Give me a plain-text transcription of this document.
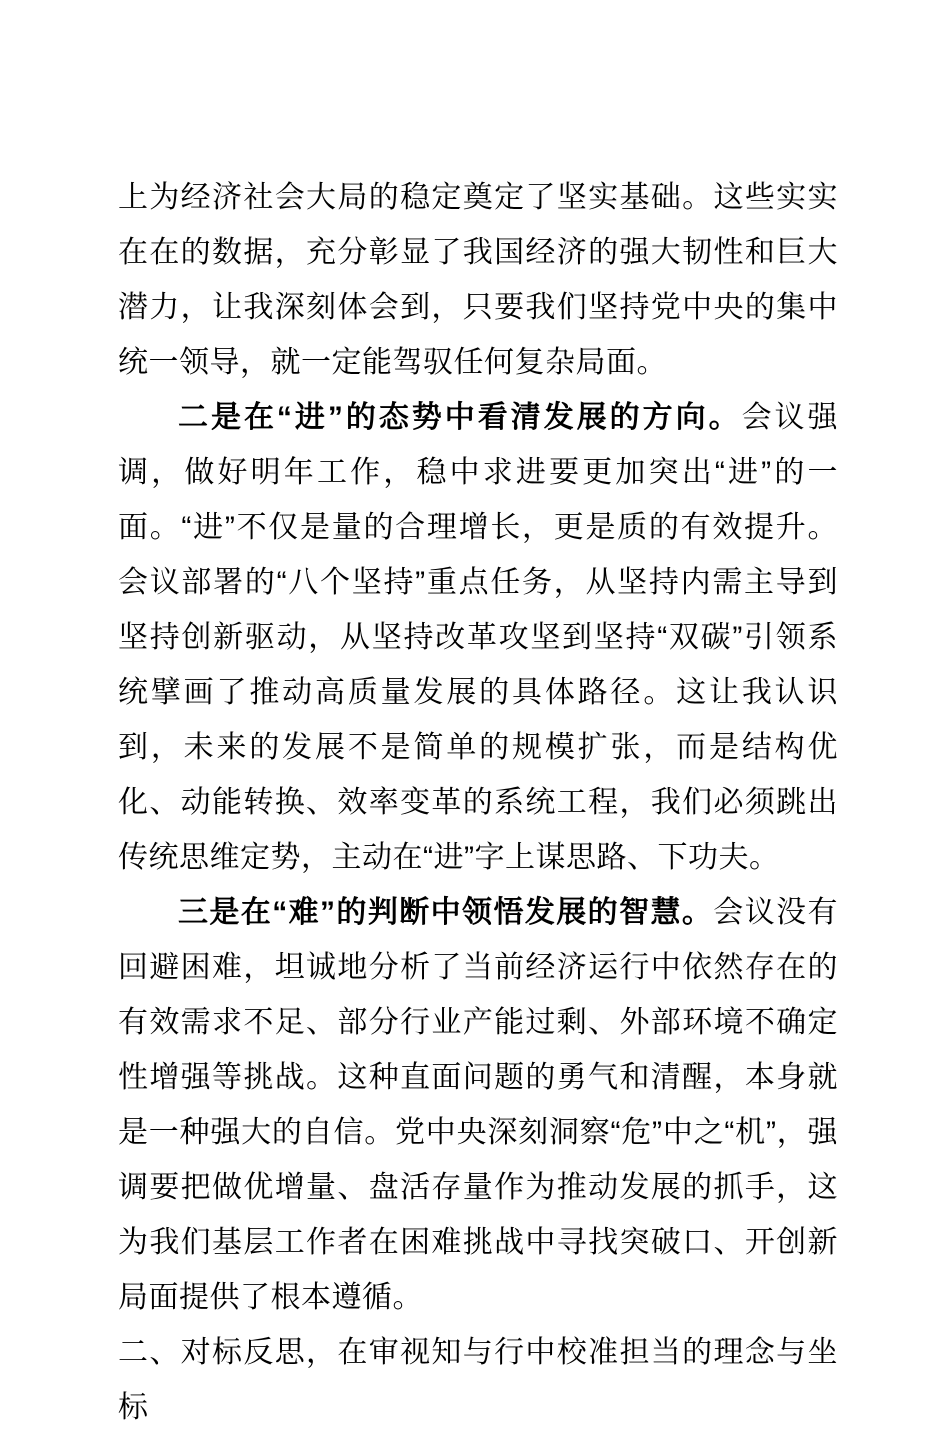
上为经济社会大局的稳定奠定了坚实基础。这些实实在在的数据，充分彰显了我国经济的强大韧性和巨大潜力，让我深刻体会到，只要我们坚持党中央的集中统一领导，就一定能驾驭任何复杂局面。

二是在“进”的态势中看清发展的方向。会议强调，做好明年工作，稳中求进要更加突出“进”的一面。“进”不仅是量的合理增长，更是质的有效提升。会议部署的“八个坚持”重点任务，从坚持内需主导到坚持创新驱动，从坚持改革攻坚到坚持“双碳”引领系统擘画了推动高质量发展的具体路径。这让我认识到，未来的发展不是简单的规模扩张，而是结构优化、动能转换、效率变革的系统工程，我们必须跳出传统思维定势，主动在“进”字上谋思路、下功夫。

三是在“难”的判断中领悟发展的智慧。会议没有回避困难，坦诚地分析了当前经济运行中依然存在的有效需求不足、部分行业产能过剩、外部环境不确定性增强等挑战。这种直面问题的勇气和清醒，本身就是一种强大的自信。党中央深刻洞察“危”中之“机”，强调要把做优增量、盘活存量作为推动发展的抓手，这为我们基层工作者在困难挑战中寻找突破口、开创新局面提供了根本遵循。

二、对标反思，在审视知与行中校准担当的理念与坐标
